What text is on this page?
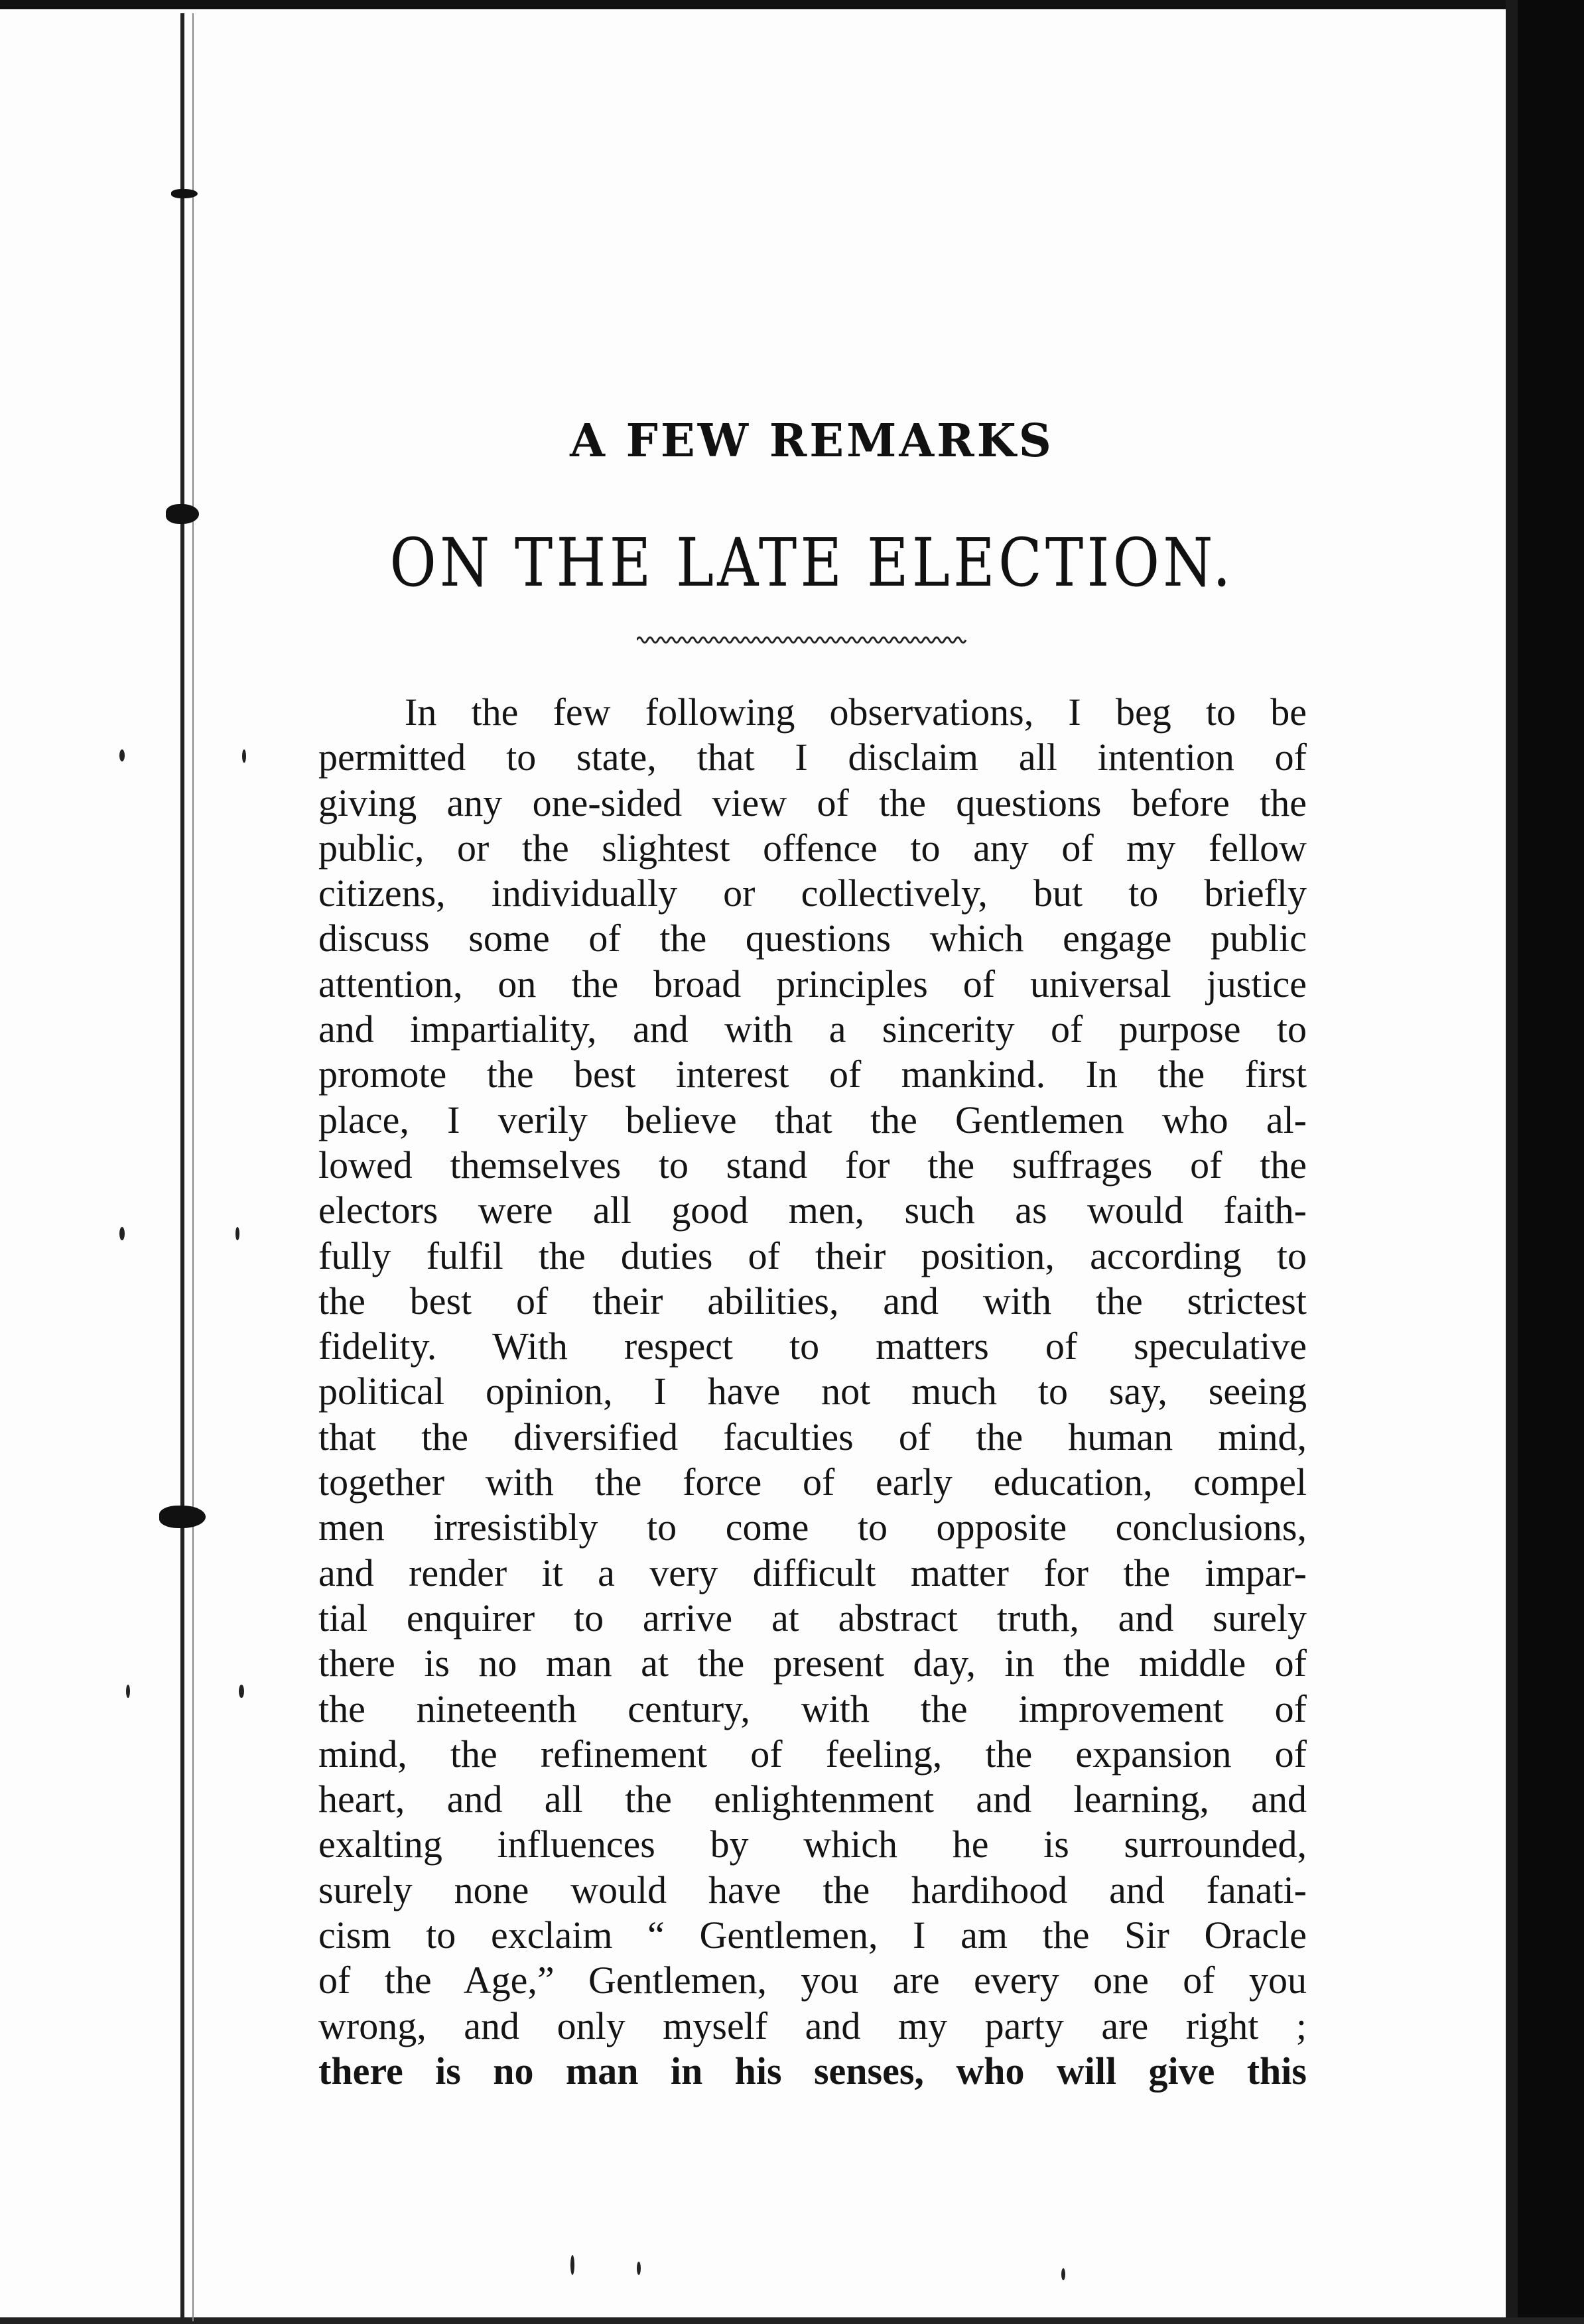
A FEW REMARKS
ON THE LATE ELECTION.
In the few following observations, I beg to be
permitted to state, that I disclaim all intention of
giving any one-sided view of the questions before the
public, or the slightest offence to any of my fellow
citizens, individually or collectively, but to briefly
discuss some of the questions which engage public
attention, on the broad principles of universal justice
and impartiality, and with a sincerity of purpose to
promote the best interest of mankind. In the first
place, I verily believe that the Gentlemen who al-
lowed themselves to stand for the suffrages of the
electors were all good men, such as would faith-
fully fulfil the duties of their position, according to
the best of their abilities, and with the strictest
fidelity. With respect to matters of speculative
political opinion, I have not much to say, seeing
that the diversified faculties of the human mind,
together with the force of early education, compel
men irresistibly to come to opposite conclusions,
and render it a very difficult matter for the impar-
tial enquirer to arrive at abstract truth, and surely
there is no man at the present day, in the middle of
the nineteenth century, with the improvement of
mind, the refinement of feeling, the expansion of
heart, and all the enlightenment and learning, and
exalting influences by which he is surrounded,
surely none would have the hardihood and fanati-
cism to exclaim “ Gentlemen, I am the Sir Oracle
of the Age,” Gentlemen, you are every one of you
wrong, and only myself and my party are right ;
there is no man in his senses, who will give this
